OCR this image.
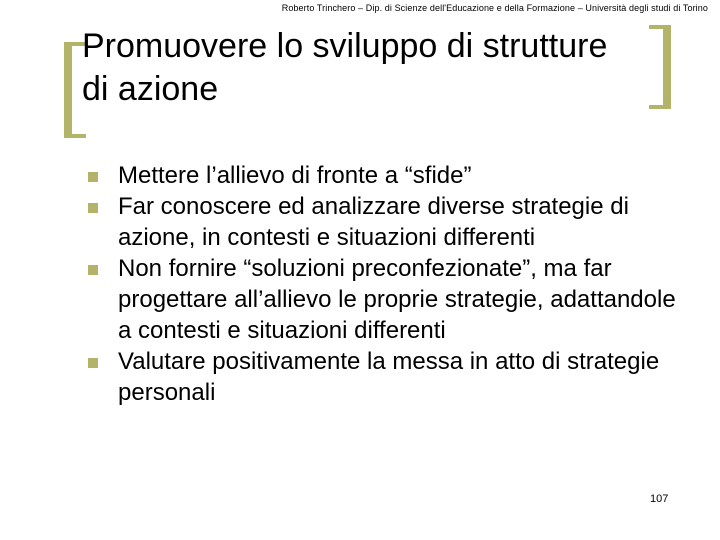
Roberto Trinchero – Dip. di Scienze dell'Educazione e della Formazione – Università degli studi di Torino
Promuovere lo sviluppo di strutture di azione
Mettere l’allievo di fronte a “sfide”
Far conoscere ed analizzare diverse strategie di azione, in contesti e situazioni differenti
Non fornire “soluzioni preconfezionate”, ma far progettare all’allievo le proprie strategie, adattandole a contesti e situazioni differenti
Valutare positivamente la messa in atto di strategie personali
107
